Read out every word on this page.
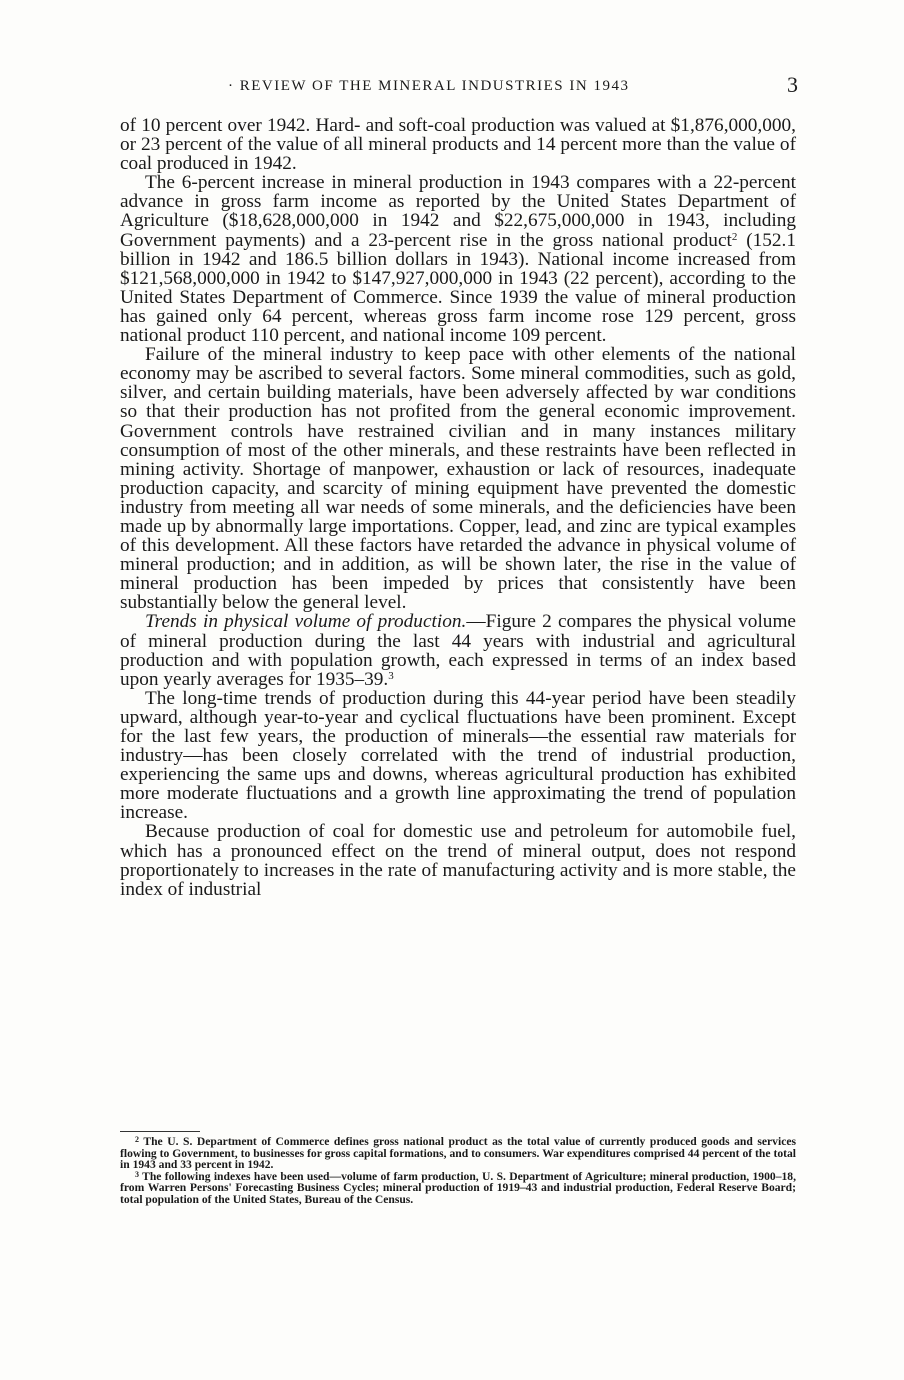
· REVIEW OF THE MINERAL INDUSTRIES IN 1943	3

of 10 percent over 1942. Hard- and soft-coal production was valued at $1,876,000,000, or 23 percent of the value of all mineral products and 14 percent more than the value of coal produced in 1942.

The 6-percent increase in mineral production in 1943 compares with a 22-percent advance in gross farm income as reported by the United States Department of Agriculture ($18,628,000,000 in 1942 and $22,675,000,000 in 1943, including Government payments) and a 23-percent rise in the gross national product$^2$ (152.1 billion in 1942 and 186.5 billion dollars in 1943). National income increased from $121,568,000,000 in 1942 to $147,927,000,000 in 1943 (22 percent), according to the United States Department of Commerce. Since 1939 the value of mineral production has gained only 64 percent, whereas gross farm income rose 129 percent, gross national product 110 percent, and national income 109 percent.

Failure of the mineral industry to keep pace with other elements of the national economy may be ascribed to several factors. Some mineral commodities, such as gold, silver, and certain building materials, have been adversely affected by war conditions so that their production has not profited from the general economic improvement. Government controls have restrained civilian and in many instances military consumption of most of the other minerals, and these restraints have been reflected in mining activity. Shortage of manpower, exhaustion or lack of resources, inadequate production capacity, and scarcity of mining equipment have prevented the domestic industry from meeting all war needs of some minerals, and the deficiencies have been made up by abnormally large importations. Copper, lead, and zinc are typical examples of this development. All these factors have retarded the advance in physical volume of mineral production; and in addition, as will be shown later, the rise in the value of mineral production has been impeded by prices that consistently have been substantially below the general level.

Trends in physical volume of production.—Figure 2 compares the physical volume of mineral production during the last 44 years with industrial and agricultural production and with population growth, each expressed in terms of an index based upon yearly averages for 1935–39.$^3$

The long-time trends of production during this 44-year period have been steadily upward, although year-to-year and cyclical fluctuations have been prominent. Except for the last few years, the production of minerals—the essential raw materials for industry—has been closely correlated with the trend of industrial production, experiencing the same ups and downs, whereas agricultural production has exhibited more moderate fluctuations and a growth line approximating the trend of population increase.

Because production of coal for domestic use and petroleum for automobile fuel, which has a pronounced effect on the trend of mineral output, does not respond proportionately to increases in the rate of manufacturing activity and is more stable, the index of industrial

$^2$ The U. S. Department of Commerce defines gross national product as the total value of currently produced goods and services flowing to Government, to businesses for gross capital formations, and to consumers. War expenditures comprised 44 percent of the total in 1943 and 33 percent in 1942.

$^3$ The following indexes have been used—volume of farm production, U. S. Department of Agriculture; mineral production, 1900–18, from Warren Persons' Forecasting Business Cycles; mineral production of 1919–43 and industrial production, Federal Reserve Board; total population of the United States, Bureau of the Census.
